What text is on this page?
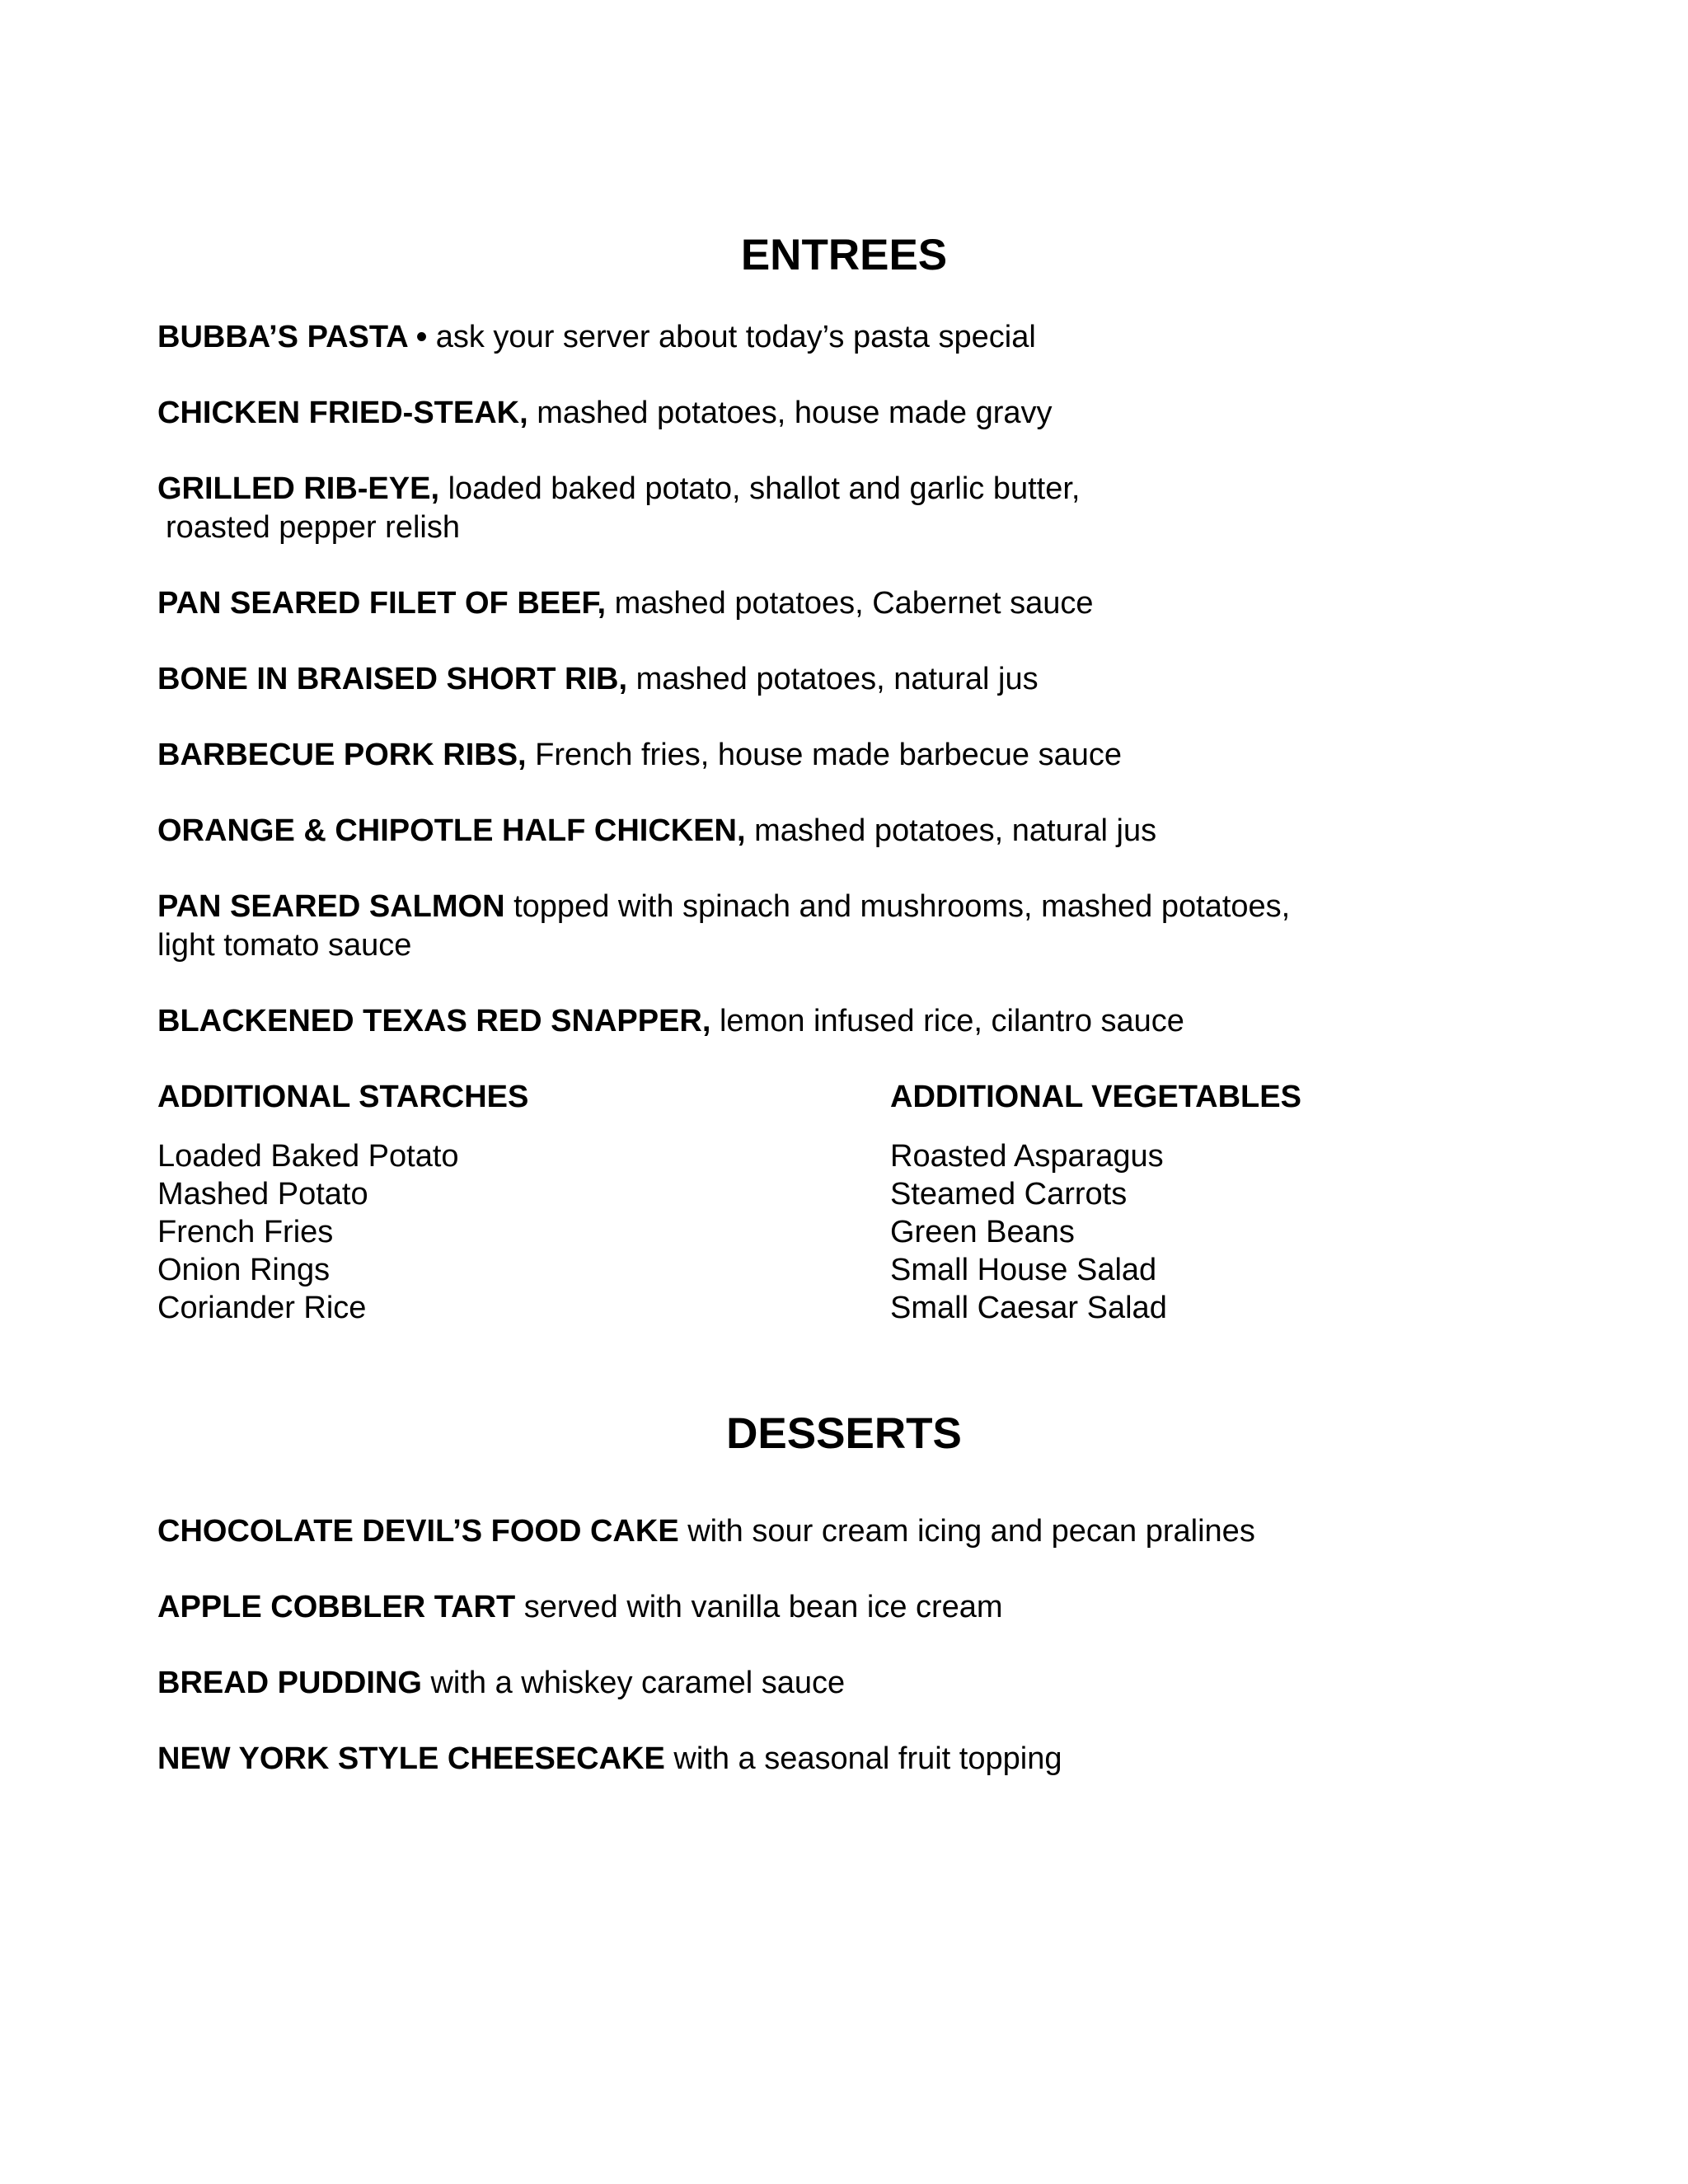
ENTREES
BUBBA’S PASTA • ask your server about today’s pasta special
CHICKEN FRIED-STEAK, mashed potatoes, house made gravy
GRILLED RIB-EYE, loaded baked potato, shallot and garlic butter,
roasted pepper relish
PAN SEARED FILET OF BEEF, mashed potatoes, Cabernet sauce
BONE IN BRAISED SHORT RIB, mashed potatoes, natural jus
BARBECUE PORK RIBS, French fries, house made barbecue sauce
ORANGE & CHIPOTLE HALF CHICKEN, mashed potatoes, natural jus
PAN SEARED SALMON topped with spinach and mushrooms, mashed potatoes,
light tomato sauce
BLACKENED TEXAS RED SNAPPER, lemon infused rice, cilantro sauce
ADDITIONAL STARCHES
Loaded Baked Potato
Mashed Potato
French Fries
Onion Rings
Coriander Rice
ADDITIONAL VEGETABLES
Roasted Asparagus
Steamed Carrots
Green Beans
Small House Salad
Small Caesar Salad
DESSERTS
CHOCOLATE DEVIL’S FOOD CAKE with sour cream icing and pecan pralines
APPLE COBBLER TART served with vanilla bean ice cream
BREAD PUDDING with a whiskey caramel sauce
NEW YORK STYLE CHEESECAKE with a seasonal fruit topping
